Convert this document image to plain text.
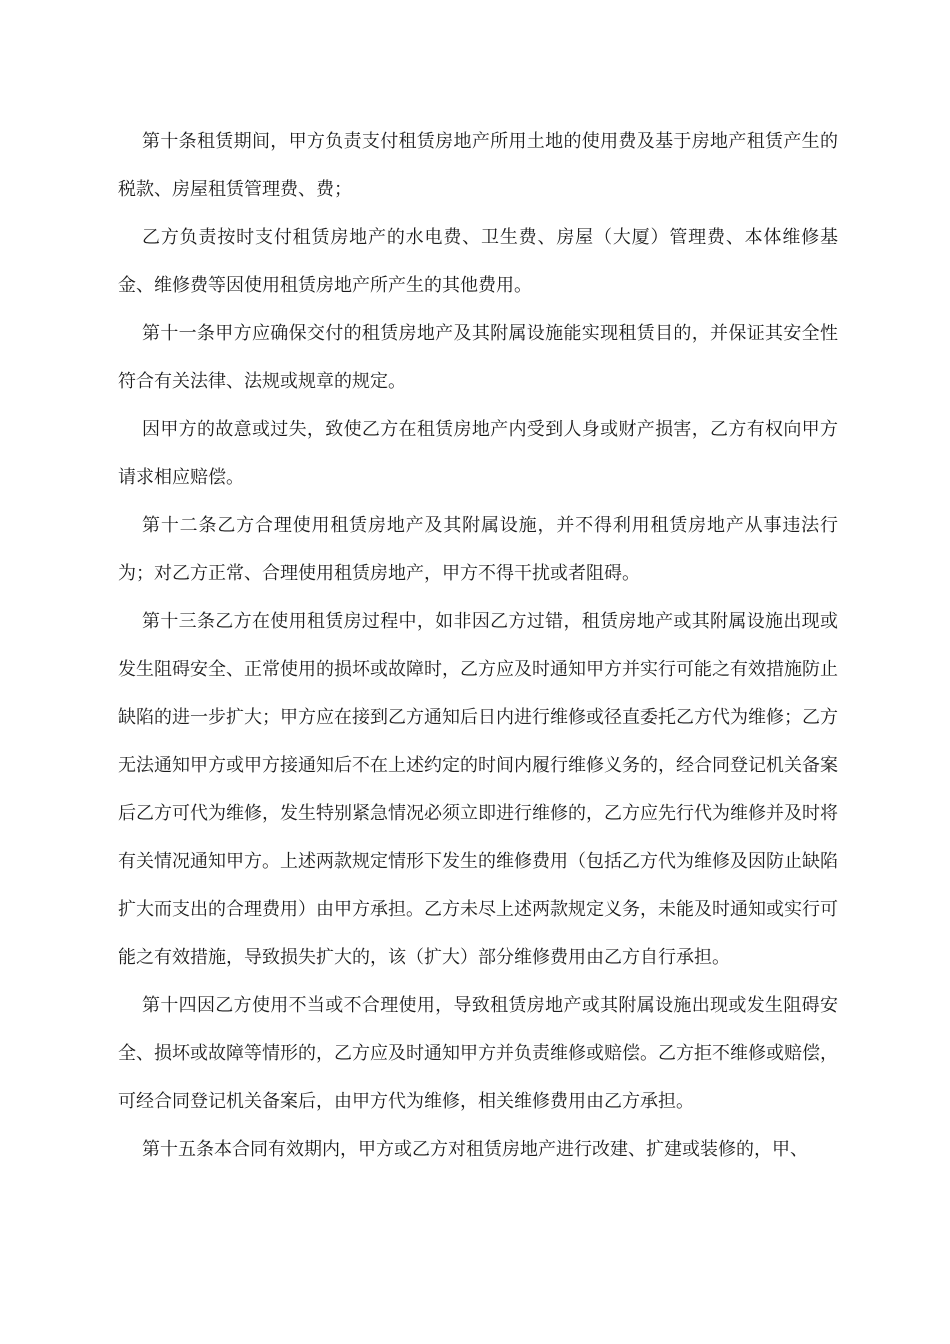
第十条租赁期间，甲方负责支付租赁房地产所用土地的使用费及基于房地产租赁产生的税款、房屋租赁管理费、费；

乙方负责按时支付租赁房地产的水电费、卫生费、房屋（大厦）管理费、本体维修基金、维修费等因使用租赁房地产所产生的其他费用。

第十一条甲方应确保交付的租赁房地产及其附属设施能实现租赁目的，并保证其安全性符合有关法律、法规或规章的规定。

因甲方的故意或过失，致使乙方在租赁房地产内受到人身或财产损害，乙方有权向甲方请求相应赔偿。

第十二条乙方合理使用租赁房地产及其附属设施，并不得利用租赁房地产从事违法行为；对乙方正常、合理使用租赁房地产，甲方不得干扰或者阻碍。

第十三条乙方在使用租赁房过程中，如非因乙方过错，租赁房地产或其附属设施出现或发生阻碍安全、正常使用的损坏或故障时，乙方应及时通知甲方并实行可能之有效措施防止缺陷的进一步扩大；甲方应在接到乙方通知后日内进行维修或径直委托乙方代为维修；乙方无法通知甲方或甲方接通知后不在上述约定的时间内履行维修义务的，经合同登记机关备案后乙方可代为维修，发生特别紧急情况必须立即进行维修的，乙方应先行代为维修并及时将有关情况通知甲方。上述两款规定情形下发生的维修费用（包括乙方代为维修及因防止缺陷扩大而支出的合理费用）由甲方承担。乙方未尽上述两款规定义务，未能及时通知或实行可能之有效措施，导致损失扩大的，该（扩大）部分维修费用由乙方自行承担。

第十四因乙方使用不当或不合理使用，导致租赁房地产或其附属设施出现或发生阻碍安全、损坏或故障等情形的，乙方应及时通知甲方并负责维修或赔偿。乙方拒不维修或赔偿，可经合同登记机关备案后，由甲方代为维修，相关维修费用由乙方承担。

第十五条本合同有效期内，甲方或乙方对租赁房地产进行改建、扩建或装修的，甲、
